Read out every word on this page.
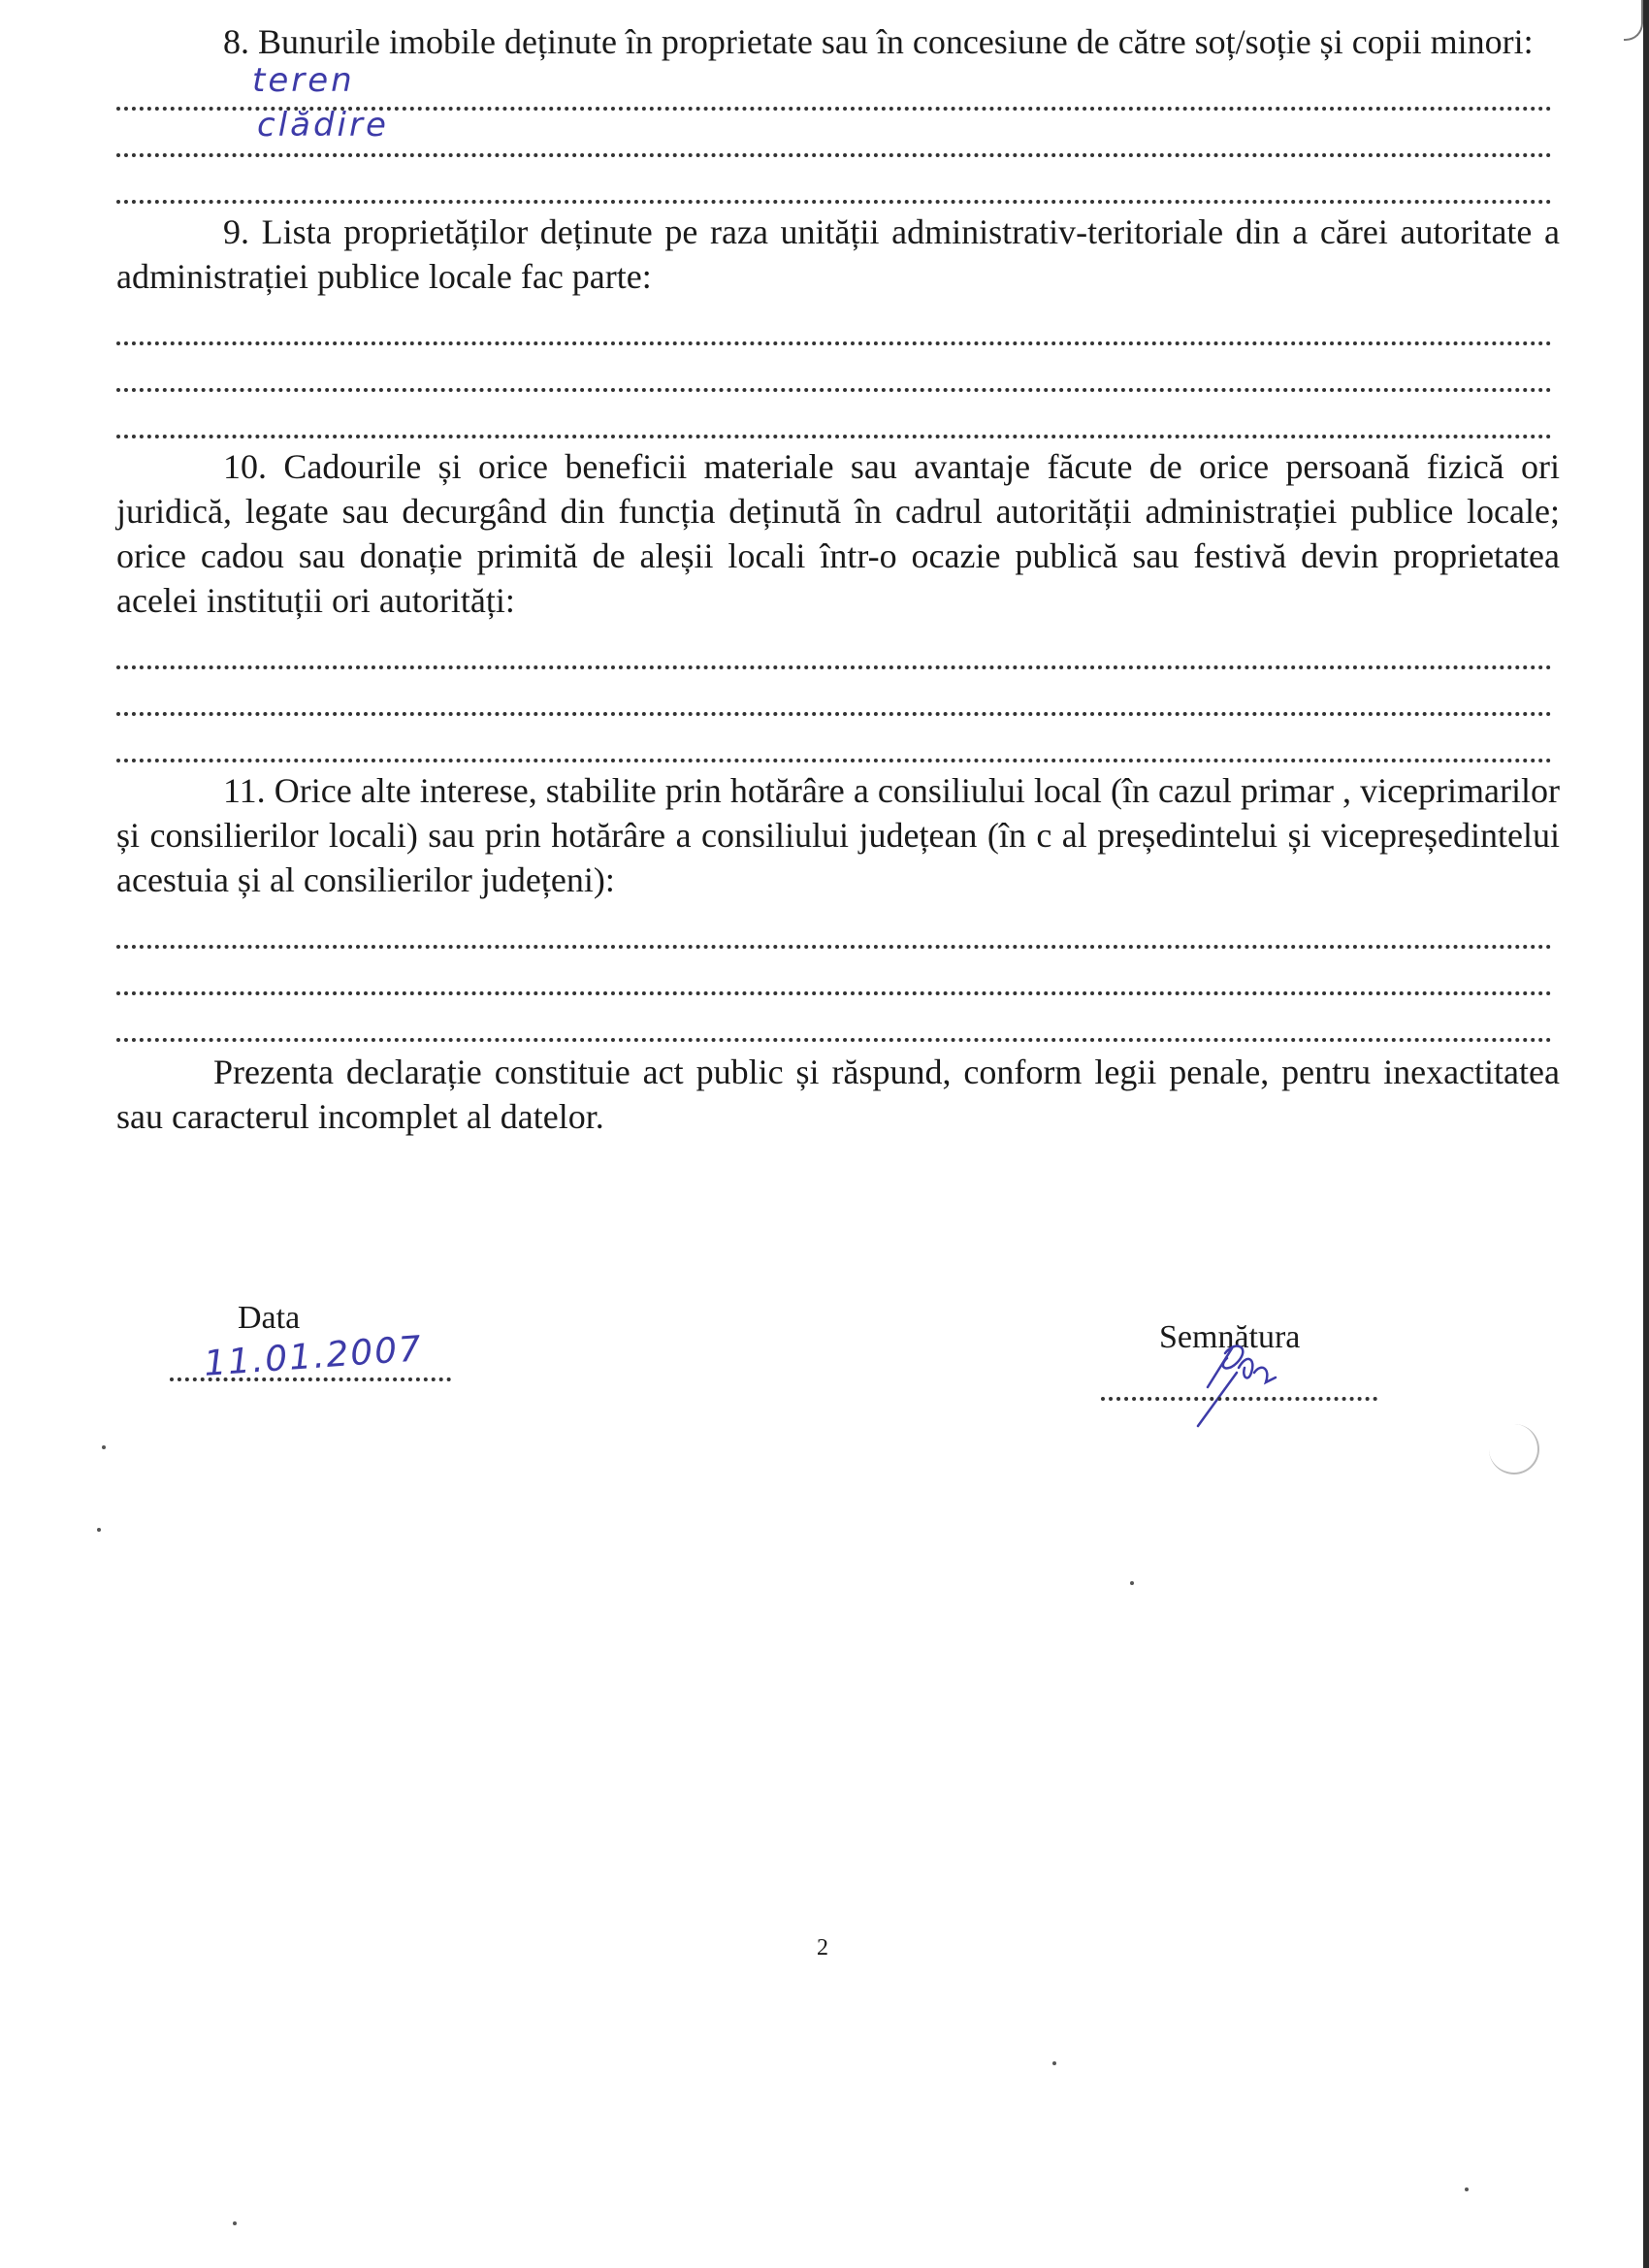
8. Bunurile imobile deținute în proprietate sau în concesiune de către soț/soție și copii minori:

teren
clădire

9. Lista proprietăților deținute pe raza unității administrativ-teritoriale din a cărei autoritate a administrației publice locale fac parte:

10. Cadourile și orice beneficii materiale sau avantaje făcute de orice persoană fizică ori juridică, legate sau decurgând din funcția deținută în cadrul autorității administrației publice locale; orice cadou sau donație primită de aleșii locali într-o ocazie publică sau festivă devin proprietatea acelei instituții ori autorități:

11. Orice alte interese, stabilite prin hotărâre a consiliului local (în cazul primar , viceprimarilor și consilierilor locali) sau prin hotărâre a consiliului județean (în c al președintelui și vicepreședintelui acestuia și al consilierilor județeni):

Prezenta declarație constituie act public și răspund, conform legii penale, pentru inexactitatea sau caracterul incomplet al datelor.

Data
11.01.2007	Semnătura
2
